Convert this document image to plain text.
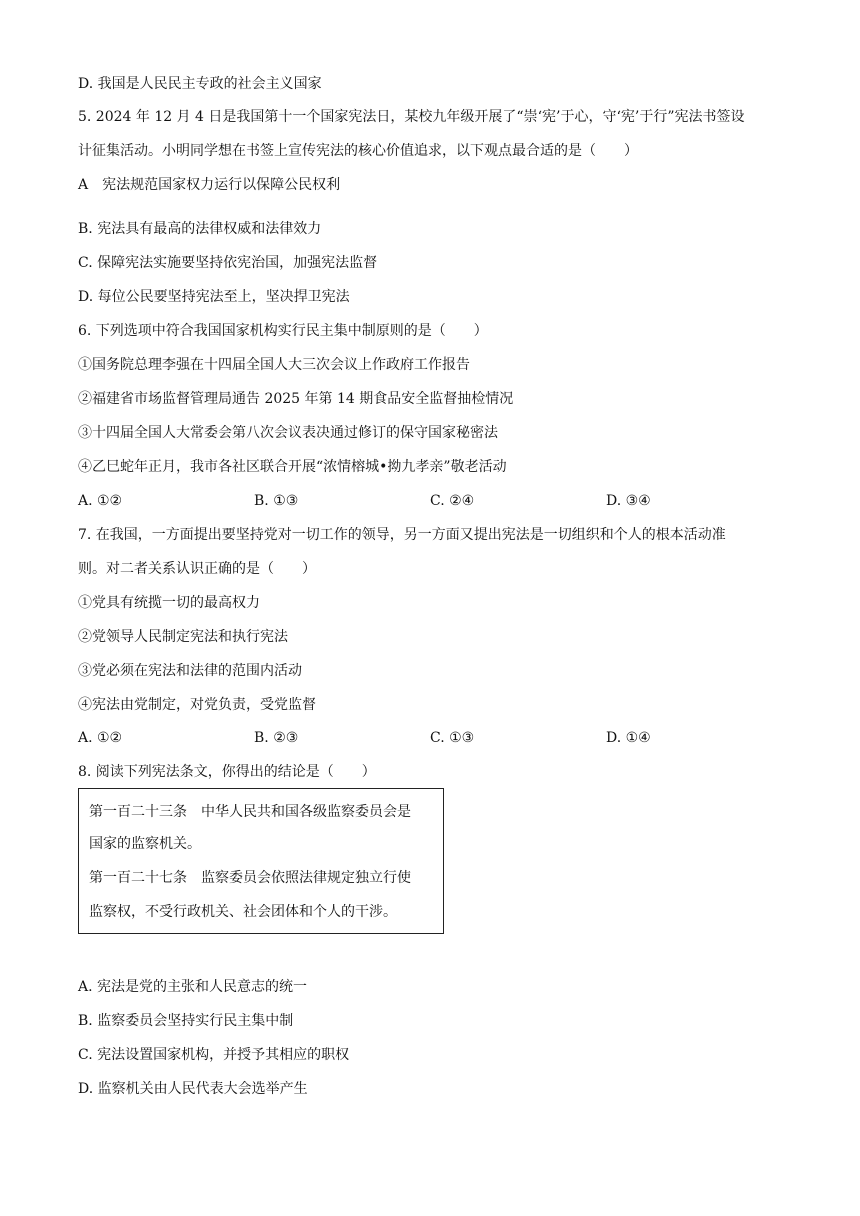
D. 我国是人民民主专政的社会主义国家
5. 2024 年 12 月 4 日是我国第十一个国家宪法日，某校九年级开展了“崇‘宪’于心，守‘宪’于行”宪法书签设
计征集活动。小明同学想在书签上宣传宪法的核心价值追求，以下观点最合适的是（　　）
A　宪法规范国家权力运行以保障公民权利
B. 宪法具有最高的法律权威和法律效力
C. 保障宪法实施要坚持依宪治国，加强宪法监督
D. 每位公民要坚持宪法至上，坚决捍卫宪法
6. 下列选项中符合我国国家机构实行民主集中制原则的是（　　）
①国务院总理李强在十四届全国人大三次会议上作政府工作报告
②福建省市场监督管理局通告 2025 年第 14 期食品安全监督抽检情况
③十四届全国人大常委会第八次会议表决通过修订的保守国家秘密法
④乙巳蛇年正月，我市各社区联合开展“浓情榕城•拗九孝亲”敬老活动
A. ①②	B. ①③	C. ②④	D. ③④
7. 在我国，一方面提出要坚持党对一切工作的领导，另一方面又提出宪法是一切组织和个人的根本活动准
则。对二者关系认识正确的是（　　）
①党具有统揽一切的最高权力
②党领导人民制定宪法和执行宪法
③党必须在宪法和法律的范围内活动
④宪法由党制定，对党负责，受党监督
A. ①②	B. ②③	C. ①③	D. ①④
8. 阅读下列宪法条文，你得出的结论是（　　）
第一百二十三条　中华人民共和国各级监察委员会是
国家的监察机关。
第一百二十七条　监察委员会依照法律规定独立行使
监察权，不受行政机关、社会团体和个人的干涉。
A. 宪法是党的主张和人民意志的统一
B. 监察委员会坚持实行民主集中制
C. 宪法设置国家机构，并授予其相应的职权
D. 监察机关由人民代表大会选举产生
